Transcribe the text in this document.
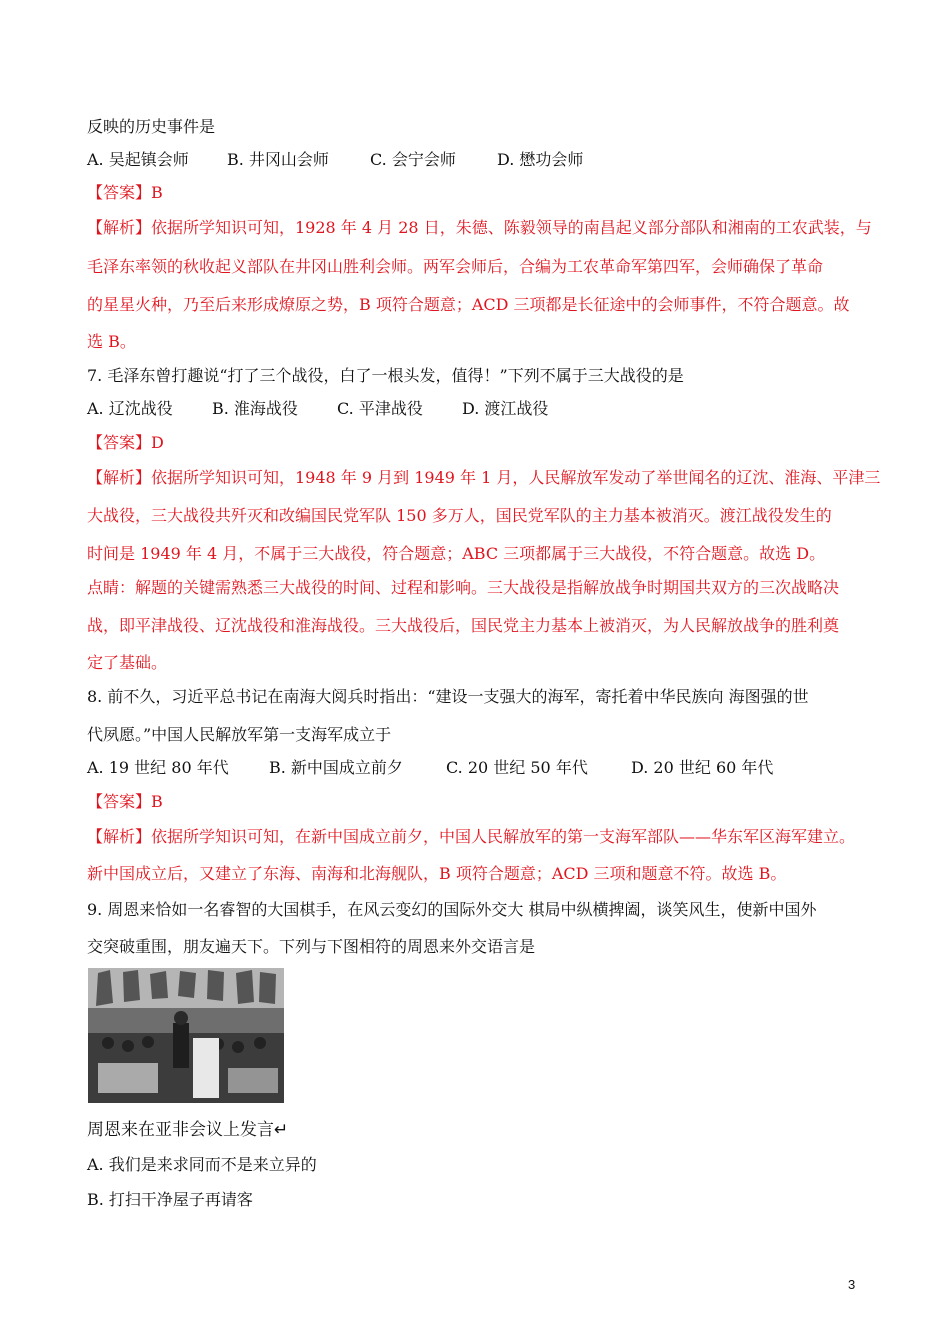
反映的历史事件是
A. 吴起镇会师	B. 井冈山会师	C. 会宁会师	D. 懋功会师
【答案】B
【解析】依据所学知识可知，1928 年 4 月 28 日，朱德、陈毅领导的南昌起义部分部队和湘南的工农武装，与
毛泽东率领的秋收起义部队在井冈山胜利会师。两军会师后，合编为工农革命军第四军，会师确保了革命
的星星火种，乃至后来形成燎原之势，B 项符合题意；ACD 三项都是长征途中的会师事件，不符合题意。故
选 B。
7. 毛泽东曾打趣说“打了三个战役，白了一根头发，值得！”下列不属于三大战役的是
A. 辽沈战役	B. 淮海战役	C. 平津战役	D. 渡江战役
【答案】D
【解析】依据所学知识可知，1948 年 9 月到 1949 年 1 月，人民解放军发动了举世闻名的辽沈、淮海、平津三
大战役，三大战役共歼灭和改编国民党军队 150 多万人，国民党军队的主力基本被消灭。渡江战役发生的
时间是 1949 年 4 月，不属于三大战役，符合题意；ABC 三项都属于三大战役，不符合题意。故选 D。
点睛：解题的关键需熟悉三大战役的时间、过程和影响。三大战役是指解放战争时期国共双方的三次战略决
战，即平津战役、辽沈战役和淮海战役。三大战役后，国民党主力基本上被消灭，为人民解放战争的胜利奠
定了基础。
8. 前不久，习近平总书记在南海大阅兵时指出：“建设一支强大的海军，寄托着中华民族向 海图强的世
代夙愿。”中国人民解放军第一支海军成立于
A. 19 世纪 80 年代	B. 新中国成立前夕	C. 20 世纪 50 年代	D. 20 世纪 60 年代
【答案】B
【解析】依据所学知识可知，在新中国成立前夕，中国人民解放军的第一支海军部队——华东军区海军建立。
新中国成立后，又建立了东海、南海和北海舰队，B 项符合题意；ACD 三项和题意不符。故选 B。
9. 周恩来恰如一名睿智的大国棋手，在风云变幻的国际外交大 棋局中纵横捭阖，谈笑风生，使新中国外
交突破重围，朋友遍天下。下列与下图相符的周恩来外交语言是
周恩来在亚非会议上发言↵
A. 我们是来求同而不是来立异的
B. 打扫干净屋子再请客
3
